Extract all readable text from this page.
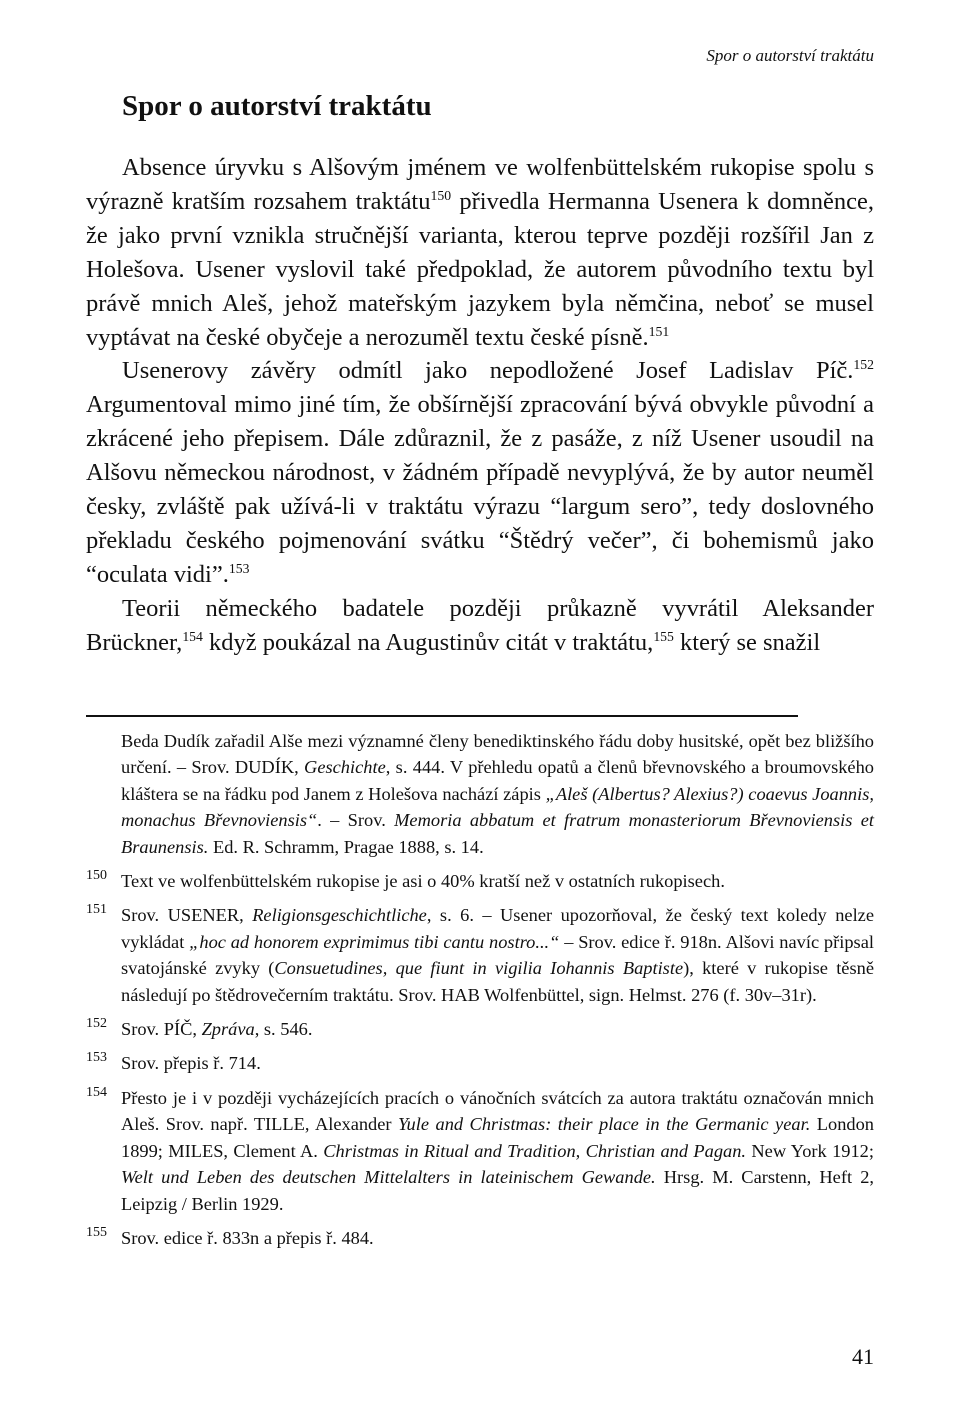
Spor o autorství traktátu
Spor o autorství traktátu

Absence úryvku s Alšovým jménem ve wolfenbüttelském rukopise spolu s výrazně kratším rozsahem traktátu$^{150}$ přivedla Hermanna Usenera k domněnce, že jako první vznikla stručnější varianta, kterou teprve později rozšířil Jan z Holešova. Usener vyslovil také předpoklad, že autorem původního textu byl právě mnich Aleš, jehož mateřským jazykem byla němčina, neboť se musel vyptávat na české obyčeje a nerozuměl textu české písně.$^{151}$

Usenerovy závěry odmítl jako nepodložené Josef Ladislav Píč.$^{152}$ Argumentoval mimo jiné tím, že obšírnější zpracování bývá obvykle původní a zkrácené jeho přepisem. Dále zdůraznil, že z pasáže, z níž Usener usoudil na Alšovu německou národnost, v žádném případě nevyplývá, že by autor neuměl česky, zvláště pak užívá-li v traktátu výrazu “largum sero”, tedy doslovného překladu českého pojmenování svátku “Štědrý večer”, či bohemismů jako “oculata vidi”.$^{153}$

Teorii německého badatele později průkazně vyvrátil Aleksander Brückner,$^{154}$ když poukázal na Augustinův citát v traktátu,$^{155}$ který se snažil

Beda Dudík zařadil Alše mezi významné členy benediktinského řádu doby husitské, opět bez bližšího určení. – Srov. DUDÍK, Geschichte, s. 444. V přehledu opatů a členů břevnovského a broumovského kláštera se na řádku pod Janem z Holešova nachází zápis „Aleš (Albertus? Alexius?) coaevus Joannis, monachus Břevnoviensis“. – Srov. Memoria abbatum et fratrum monasteriorum Břevnoviensis et Braunensis. Ed. R. Schramm, Pragae 1888, s. 14.
150 Text ve wolfenbüttelském rukopise je asi o 40% kratší než v ostatních rukopisech.
151 Srov. USENER, Religionsgeschichtliche, s. 6. – Usener upozorňoval, že český text koledy nelze vykládat „hoc ad honorem exprimimus tibi cantu nostro...“ – Srov. edice ř. 918n. Alšovi navíc připsal svatojánské zvyky (Consuetudines, que fiunt in vigilia Iohannis Baptiste), které v rukopise těsně následují po štědrovečerním traktátu. Srov. HAB Wolfenbüttel, sign. Helmst. 276 (f. 30v–31r).
152 Srov. PÍČ, Zpráva, s. 546.
153 Srov. přepis ř. 714.
154 Přesto je i v později vycházejících pracích o vánočních svátcích za autora traktátu označován mnich Aleš. Srov. např. TILLE, Alexander Yule and Christmas: their place in the Germanic year. London 1899; MILES, Clement A. Christmas in Ritual and Tradition, Christian and Pagan. New York 1912; Welt und Leben des deutschen Mittelalters in lateinischem Gewande. Hrsg. M. Carstenn, Heft 2, Leipzig / Berlin 1929.
155 Srov. edice ř. 833n a přepis ř. 484.
41
